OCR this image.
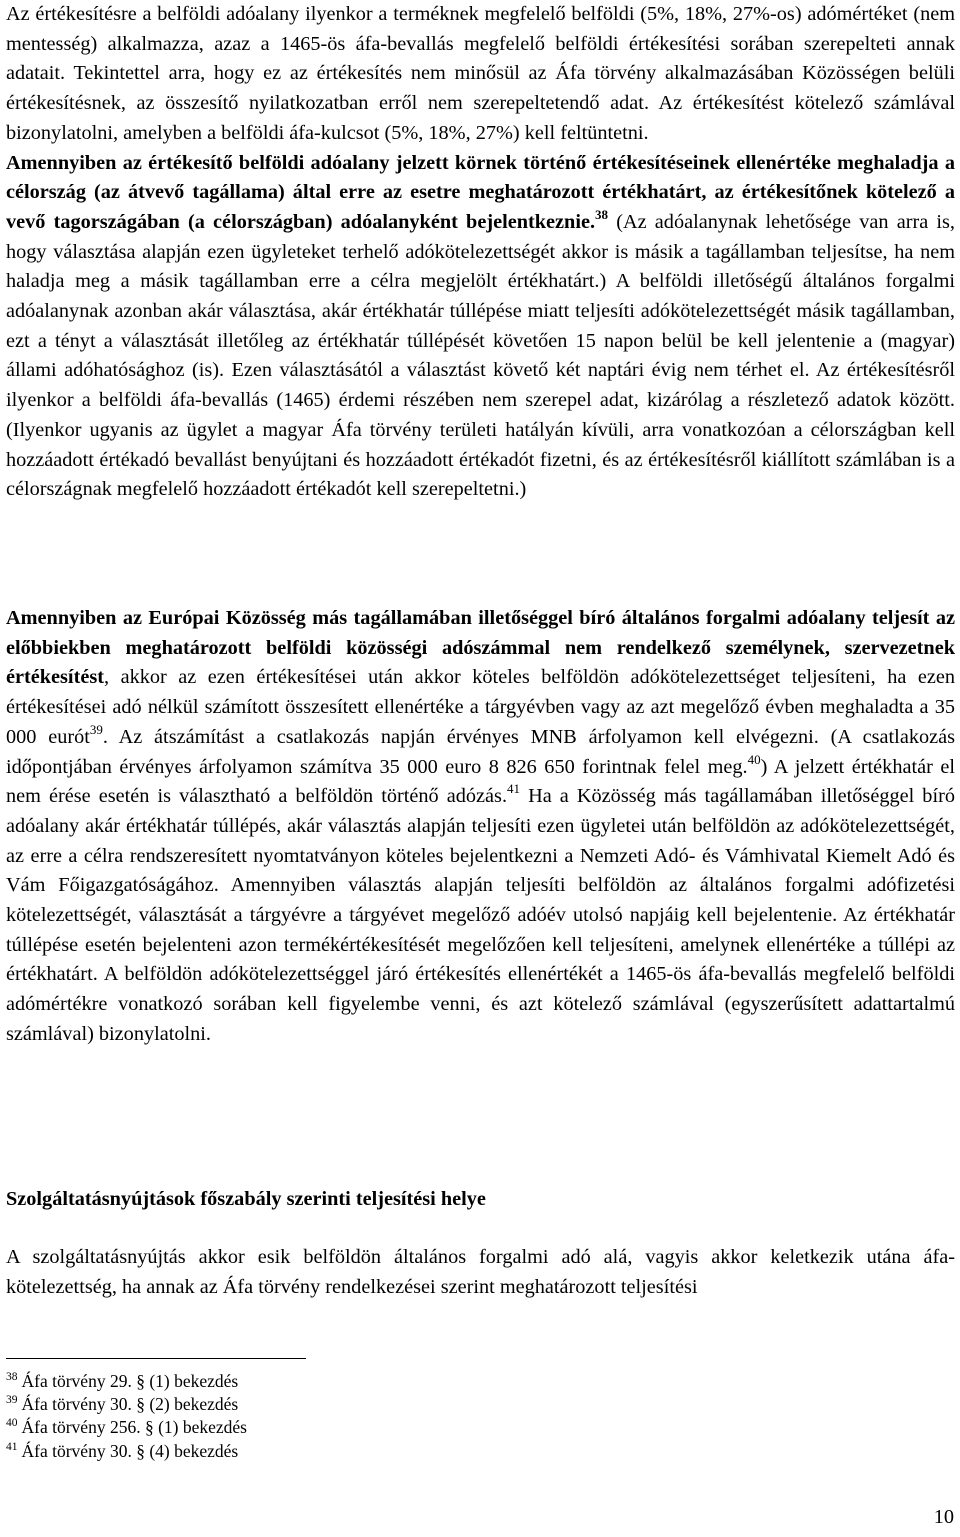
Az értékesítésre a belföldi adóalany ilyenkor a terméknek megfelelő belföldi (5%, 18%, 27%-os) adómértéket (nem mentesség) alkalmazza, azaz a 1465-ös áfa-bevallás megfelelő belföldi értékesítési sorában szerepelteti annak adatait. Tekintettel arra, hogy ez az értékesítés nem minősül az Áfa törvény alkalmazásában Közösségen belüli értékesítésnek, az összesítő nyilatkozatban erről nem szerepeltetendő adat. Az értékesítést kötelező számlával bizonylatolni, amelyben a belföldi áfa-kulcsot (5%, 18%, 27%) kell feltüntetni.
Amennyiben az értékesítő belföldi adóalany jelzett körnek történő értékesítéseinek ellenértéke meghaladja a célország (az átvevő tagállama) által erre az esetre meghatározott értékhatárt, az értékesítőnek kötelező a vevő tagországában (a célországban) adóalanyként bejelentkeznie.$^{38}$ (Az adóalanynak lehetősége van arra is, hogy választása alapján ezen ügyleteket terhelő adókötelezettségét akkor is másik a tagállamban teljesítse, ha nem haladja meg a másik tagállamban erre a célra megjelölt értékhatárt.) A belföldi illetőségű általános forgalmi adóalanynak azonban akár választása, akár értékhatár túllépése miatt teljesíti adókötelezettségét másik tagállamban, ezt a tényt a választását illetőleg az értékhatár túllépését követően 15 napon belül be kell jelentenie a (magyar) állami adóhatósághoz (is). Ezen választásától a választást követő két naptári évig nem térhet el. Az értékesítésről ilyenkor a belföldi áfa-bevallás (1465) érdemi részében nem szerepel adat, kizárólag a részletező adatok között. (Ilyenkor ugyanis az ügylet a magyar Áfa törvény területi hatályán kívüli, arra vonatkozóan a célországban kell hozzáadott értékadó bevallást benyújtani és hozzáadott értékadót fizetni, és az értékesítésről kiállított számlában is a célországnak megfelelő hozzáadott értékadót kell szerepeltetni.)

Amennyiben az Európai Közösség más tagállamában illetőséggel bíró általános forgalmi adóalany teljesít az előbbiekben meghatározott belföldi közösségi adószámmal nem rendelkező személynek, szervezetnek értékesítést, akkor az ezen értékesítései után akkor köteles belföldön adókötelezettséget teljesíteni, ha ezen értékesítései adó nélkül számított összesített ellenértéke a tárgyévben vagy az azt megelőző évben meghaladta a 35 000 eurót$^{39}$. Az átszámítást a csatlakozás napján érvényes MNB árfolyamon kell elvégezni. (A csatlakozás időpontjában érvényes árfolyamon számítva 35 000 euro 8 826 650 forintnak felel meg.$^{40}$) A jelzett értékhatár el nem érése esetén is választható a belföldön történő adózás.$^{41}$ Ha a Közösség más tagállamában illetőséggel bíró adóalany akár értékhatár túllépés, akár választás alapján teljesíti ezen ügyletei után belföldön az adókötelezettségét, az erre a célra rendszeresített nyomtatványon köteles bejelentkezni a Nemzeti Adó- és Vámhivatal Kiemelt Adó és Vám Főigazgatóságához. Amennyiben választás alapján teljesíti belföldön az általános forgalmi adófizetési kötelezettségét, választását a tárgyévre a tárgyévet megelőző adóév utolsó napjáig kell bejelentenie. Az értékhatár túllépése esetén bejelenteni azon termékértékesítését megelőzően kell teljesíteni, amelynek ellenértéke a túllépi az értékhatárt. A belföldön adókötelezettséggel járó értékesítés ellenértékét a 1465-ös áfa-bevallás megfelelő belföldi adómértékre vonatkozó sorában kell figyelembe venni, és azt kötelező számlával (egyszerűsített adattartalmú számlával) bizonylatolni.

Szolgáltatásnyújtások főszabály szerinti teljesítési helye

A szolgáltatásnyújtás akkor esik belföldön általános forgalmi adó alá, vagyis akkor keletkezik utána áfa-kötelezettség, ha annak az Áfa törvény rendelkezései szerint meghatározott teljesítési

$^{38}$ Áfa törvény 29. § (1) bekezdés
$^{39}$ Áfa törvény 30. § (2) bekezdés
$^{40}$ Áfa törvény 256. § (1) bekezdés
$^{41}$ Áfa törvény 30. § (4) bekezdés
10
